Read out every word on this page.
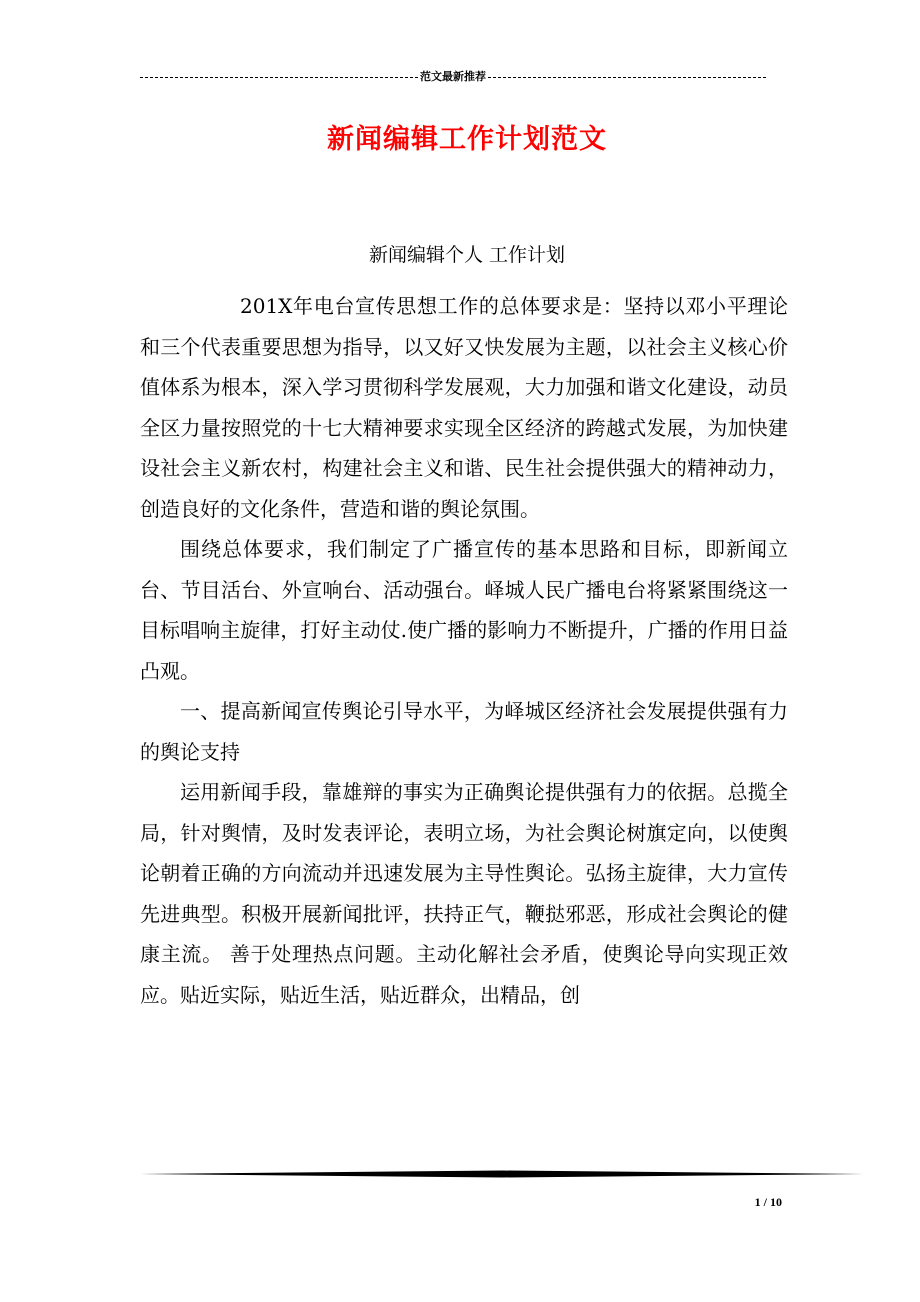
范文最新推荐
新闻编辑工作计划范文
新闻编辑个人 工作计划

201X年电台宣传思想工作的总体要求是：坚持以邓小平理论和三个代表重要思想为指导，以又好又快发展为主题，以社会主义核心价值体系为根本，深入学习贯彻科学发展观，大力加强和谐文化建设，动员全区力量按照党的十七大精神要求实现全区经济的跨越式发展，为加快建设社会主义新农村，构建社会主义和谐、民生社会提供强大的精神动力，创造良好的文化条件，营造和谐的舆论氛围。

围绕总体要求，我们制定了广播宣传的基本思路和目标，即新闻立台、节目活台、外宣响台、活动强台。峄城人民广播电台将紧紧围绕这一目标唱响主旋律，打好主动仗.使广播的影响力不断提升，广播的作用日益凸观。

一、提高新闻宣传舆论引导水平，为峄城区经济社会发展提供强有力的舆论支持

运用新闻手段，靠雄辩的事实为正确舆论提供强有力的依据。总揽全局，针对舆情，及时发表评论，表明立场，为社会舆论树旗定向，以使舆论朝着正确的方向流动并迅速发展为主导性舆论。弘扬主旋律，大力宣传先进典型。积极开展新闻批评，扶持正气，鞭挞邪恶，形成社会舆论的健康主流。 善于处理热点问题。主动化解社会矛盾，使舆论导向实现正效应。贴近实际，贴近生活，贴近群众，出精品，创

1 / 10
